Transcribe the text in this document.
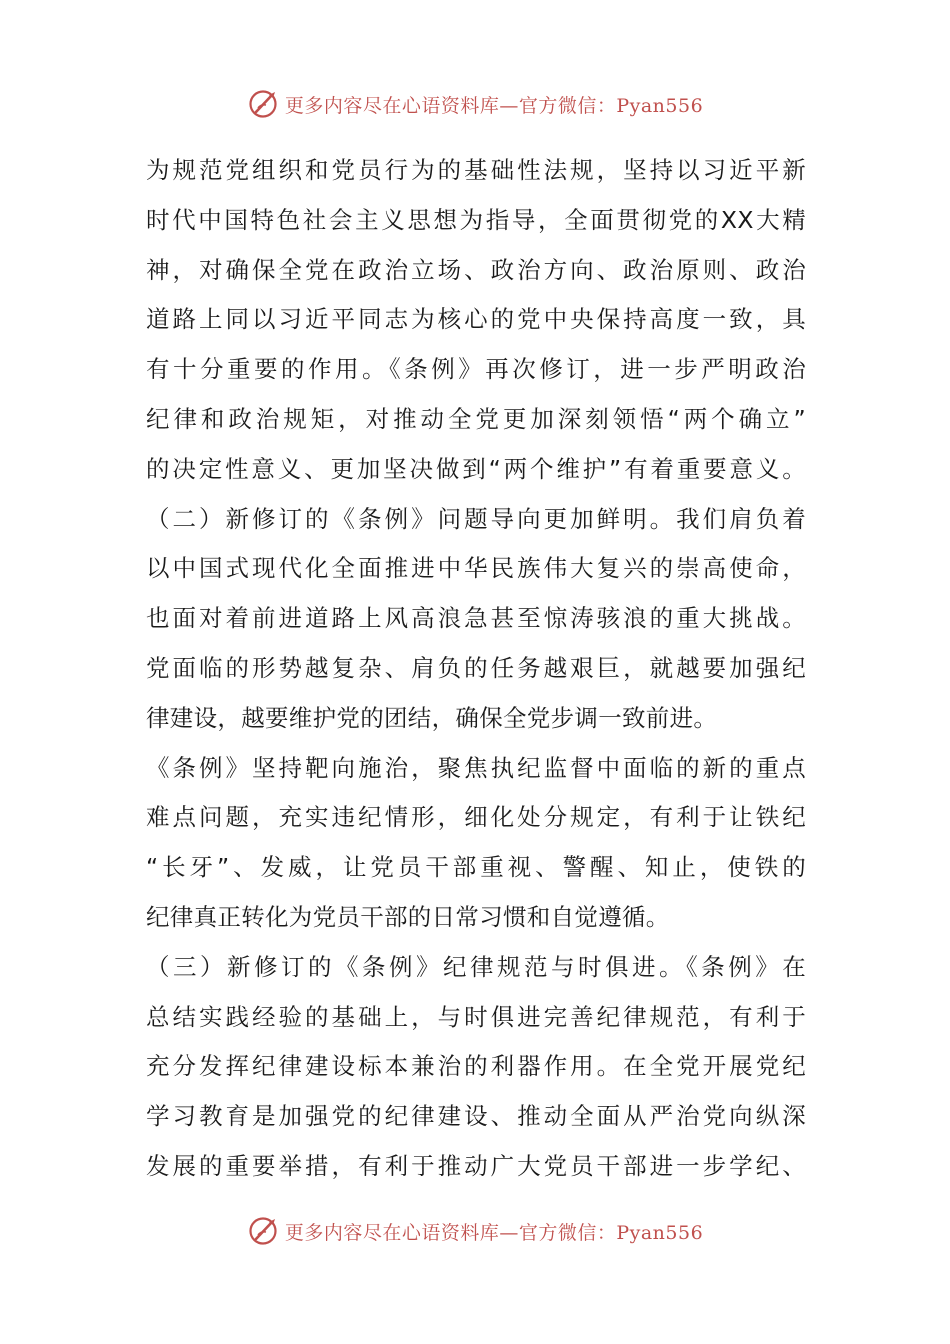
更多内容尽在心语资料库—官方微信：Pyan556
为规范党组织和党员行为的基础性法规，坚持以习近平新
时代中国特色社会主义思想为指导，全面贯彻党的XX大精
神，对确保全党在政治立场、政治方向、政治原则、政治
道路上同以习近平同志为核心的党中央保持高度一致，具
有十分重要的作用。《条例》再次修订，进一步严明政治
纪律和政治规矩，对推动全党更加深刻领悟“两个确立”
的决定性意义、更加坚决做到“两个维护”有着重要意义。
（二）新修订的《条例》问题导向更加鲜明。我们肩负着
以中国式现代化全面推进中华民族伟大复兴的崇高使命，
也面对着前进道路上风高浪急甚至惊涛骇浪的重大挑战。
党面临的形势越复杂、肩负的任务越艰巨，就越要加强纪
律建设，越要维护党的团结，确保全党步调一致前进。
《条例》坚持靶向施治，聚焦执纪监督中面临的新的重点
难点问题，充实违纪情形，细化处分规定，有利于让铁纪
“长牙”、发威，让党员干部重视、警醒、知止，使铁的
纪律真正转化为党员干部的日常习惯和自觉遵循。
（三）新修订的《条例》纪律规范与时俱进。《条例》在
总结实践经验的基础上，与时俱进完善纪律规范，有利于
充分发挥纪律建设标本兼治的利器作用。在全党开展党纪
学习教育是加强党的纪律建设、推动全面从严治党向纵深
发展的重要举措，有利于推动广大党员干部进一步学纪、
更多内容尽在心语资料库—官方微信：Pyan556
